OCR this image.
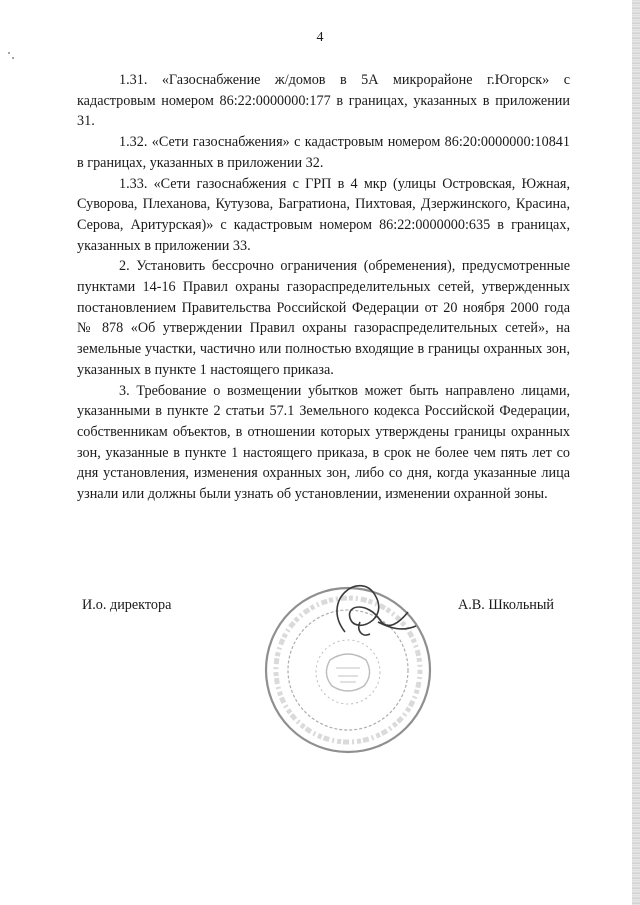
4

1.31. «Газоснабжение ж/домов в 5А микрорайоне г.Югорск» с кадастровым номером 86:22:0000000:177 в границах, указанных в приложении 31.

1.32. «Сети газоснабжения» с кадастровым номером 86:20:0000000:10841 в границах, указанных в приложении 32.

1.33. «Сети газоснабжения с ГРП в 4 мкр (улицы Островская, Южная, Суворова, Плеханова, Кутузова, Багратиона, Пихтовая, Дзержинского, Красина, Серова, Аритурская)» с кадастровым номером 86:22:0000000:635 в границах, указанных в приложении 33.

2. Установить бессрочно ограничения (обременения), предусмотренные пунктами 14-16 Правил охраны газораспределительных сетей, утвержденных постановлением Правительства Российской Федерации от 20 ноября 2000 года № 878 «Об утверждении Правил охраны газораспределительных сетей», на земельные участки, частично или полностью входящие в границы охранных зон, указанных в пункте 1 настоящего приказа.

3. Требование о возмещении убытков может быть направлено лицами, указанными в пункте 2 статьи 57.1 Земельного кодекса Российской Федерации, собственникам объектов, в отношении которых утверждены границы охранных зон, указанные в пункте 1 настоящего приказа, в срок не более чем пять лет со дня установления, изменения охранных зон, либо со дня, когда указанные лица узнали или должны были узнать об установлении, изменении охранной зоны.

И.о. директора	А.В. Школьный
